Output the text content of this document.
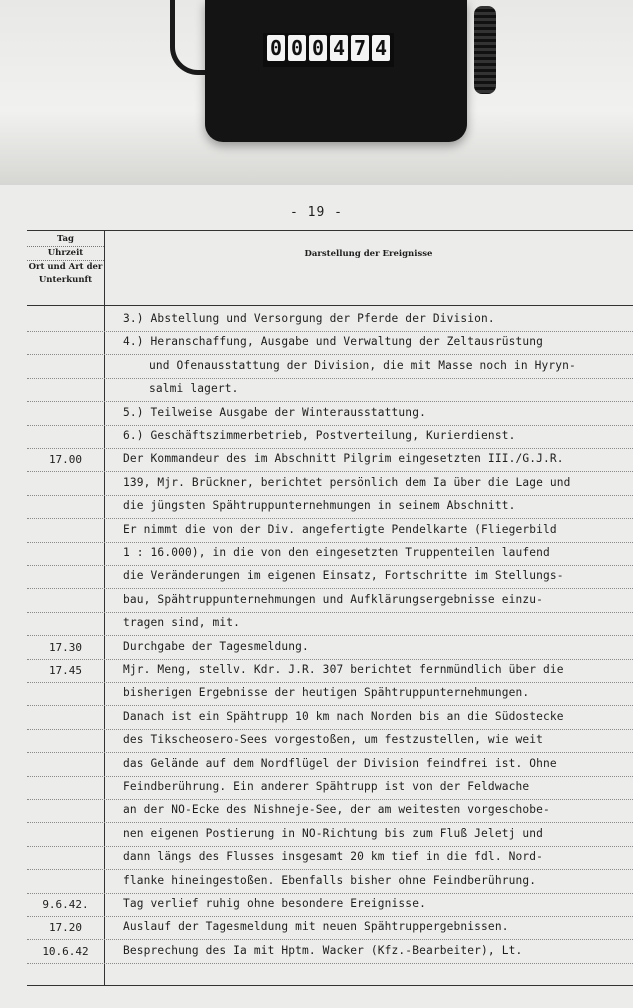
0 0 0 4 7 4
- 19 -
Tag
Uhrzeit
Ort und Art der
Unterkunft
Darstellung der Ereignisse
3.) Abstellung und Versorgung der Pferde der Division.
4.) Heranschaffung, Ausgabe und Verwaltung der Zeltausrüstung
und Ofenausstattung der Division, die mit Masse noch in Hyryn-
salmi lagert.
5.) Teilweise Ausgabe der Winterausstattung.
6.) Geschäftszimmerbetrieb, Postverteilung, Kurierdienst.
17.00	Der Kommandeur des im Abschnitt Pilgrim eingesetzten III./G.J.R.
139, Mjr. Brückner, berichtet persönlich dem Ia über die Lage und
die jüngsten Spähtruppunternehmungen in seinem Abschnitt.
Er nimmt die von der Div. angefertigte Pendelkarte (Fliegerbild
1 : 16.000), in die von den eingesetzten Truppenteilen laufend
die Veränderungen im eigenen Einsatz, Fortschritte im Stellungs-
bau, Spähtruppunternehmungen und Aufklärungsergebnisse einzu-
tragen sind, mit.
17.30	Durchgabe der Tagesmeldung.
17.45	Mjr. Meng, stellv. Kdr. J.R. 307 berichtet fernmündlich über die
bisherigen Ergebnisse der heutigen Spähtruppunternehmungen.
Danach ist ein Spähtrupp 10 km nach Norden bis an die Südostecke
des Tikscheosero-Sees vorgestoßen, um festzustellen, wie weit
das Gelände auf dem Nordflügel der Division feindfrei ist. Ohne
Feindberührung. Ein anderer Spähtrupp ist von der Feldwache
an der NO-Ecke des Nishneje-See, der am weitesten vorgeschobe-
nen eigenen Postierung in NO-Richtung bis zum Fluß Jeletj und
dann längs des Flusses insgesamt 20 km tief in die fdl. Nord-
flanke hineingestoßen. Ebenfalls bisher ohne Feindberührung.
9.6.42.	Tag verlief ruhig ohne besondere Ereignisse.
17.20	Auslauf der Tagesmeldung mit neuen Spähtruppergebnissen.
10.6.42	Besprechung des Ia mit Hptm. Wacker (Kfz.-Bearbeiter), Lt.
